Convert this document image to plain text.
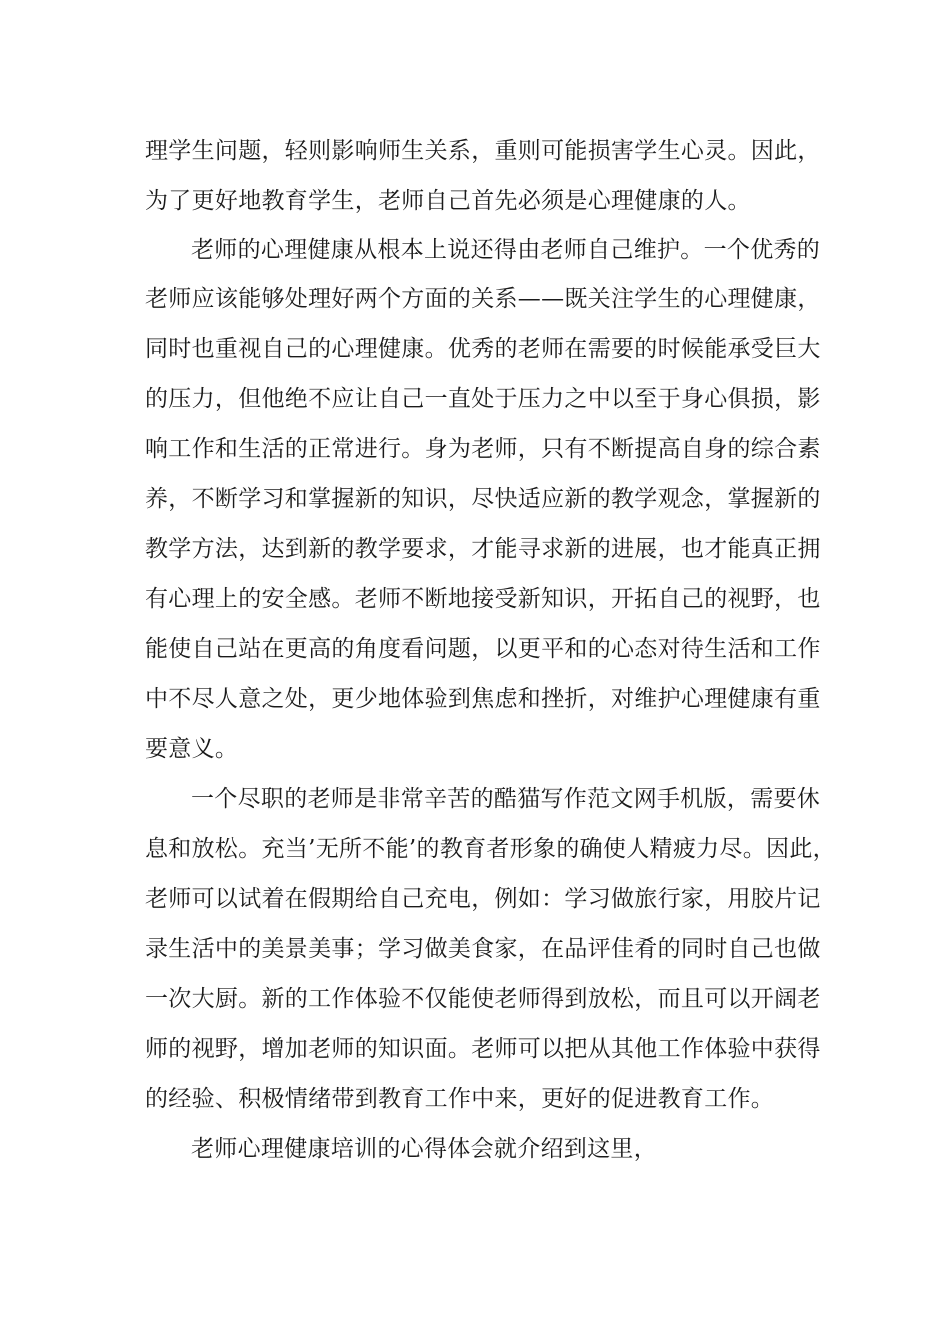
理学生问题，轻则影响师生关系，重则可能损害学生心灵。因此，
为了更好地教育学生，老师自己首先必须是心理健康的人。
老师的心理健康从根本上说还得由老师自己维护。一个优秀的
老师应该能够处理好两个方面的关系——既关注学生的心理健康，
同时也重视自己的心理健康。优秀的老师在需要的时候能承受巨大
的压力，但他绝不应让自己一直处于压力之中以至于身心俱损，影
响工作和生活的正常进行。身为老师，只有不断提高自身的综合素
养，不断学习和掌握新的知识，尽快适应新的教学观念，掌握新的
教学方法，达到新的教学要求，才能寻求新的进展，也才能真正拥
有心理上的安全感。老师不断地接受新知识，开拓自己的视野，也
能使自己站在更高的角度看问题，以更平和的心态对待生活和工作
中不尽人意之处，更少地体验到焦虑和挫折，对维护心理健康有重
要意义。
一个尽职的老师是非常辛苦的酷猫写作范文网手机版，需要休
息和放松。充当’无所不能’的教育者形象的确使人精疲力尽。因此，
老师可以试着在假期给自己充电，例如：学习做旅行家，用胶片记
录生活中的美景美事；学习做美食家，在品评佳肴的同时自己也做
一次大厨。新的工作体验不仅能使老师得到放松，而且可以开阔老
师的视野，增加老师的知识面。老师可以把从其他工作体验中获得
的经验、积极情绪带到教育工作中来，更好的促进教育工作。
老师心理健康培训的心得体会就介绍到这里，
